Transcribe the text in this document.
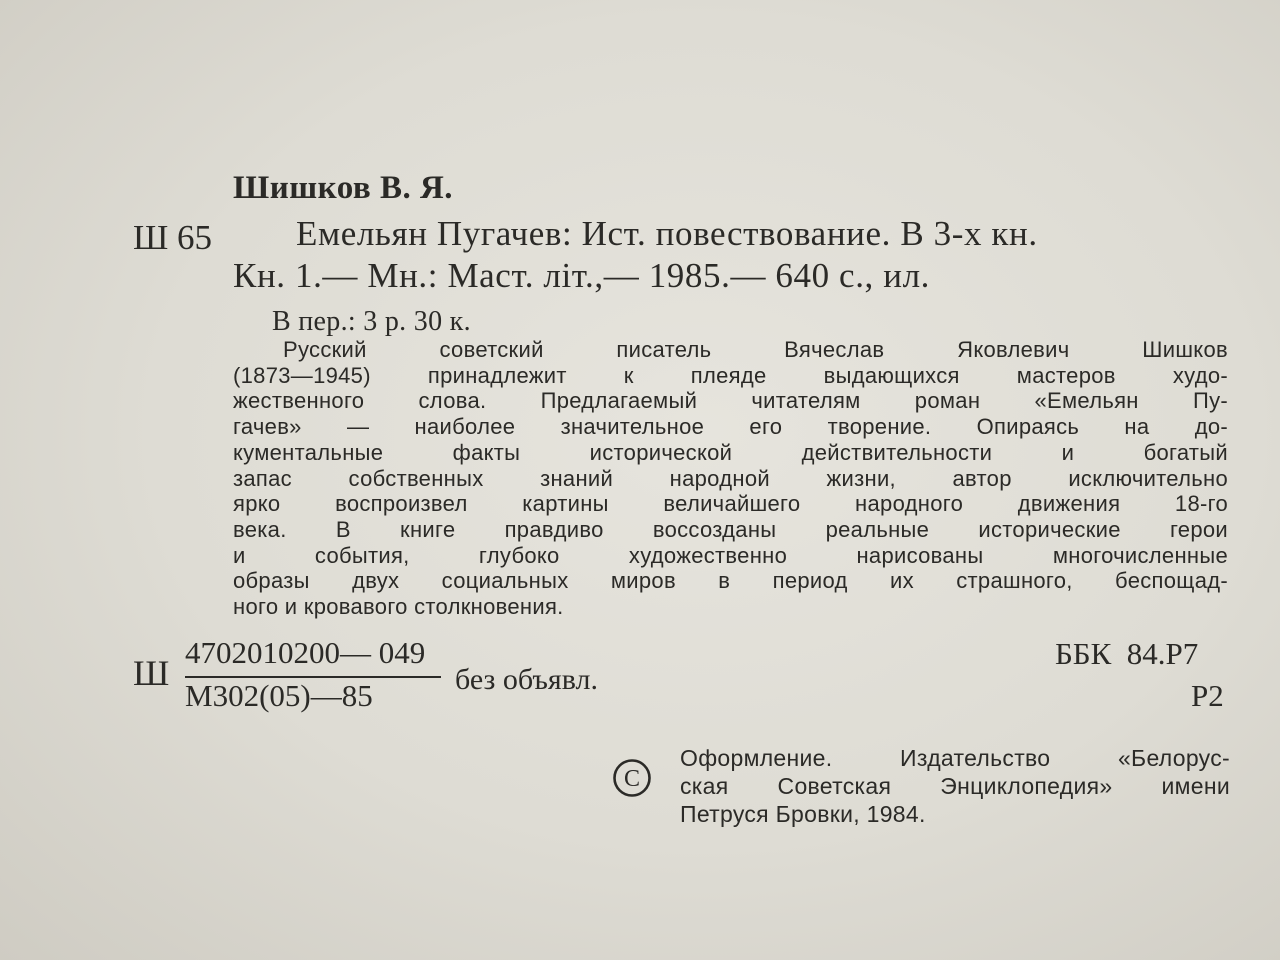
Шишков В. Я.
Ш 65 Емельян Пугачев: Ист. повествование. В 3-х кн.
Кн. 1.— Мн.: Маст. літ.,— 1985.— 640 с., ил.
В пер.: 3 р. 30 к.
Русский советский писатель Вячеслав Яковлевич Шишков
(1873—1945) принадлежит к плеяде выдающихся мастеров худо-
жественного слова. Предлагаемый читателям роман «Емельян Пу-
гачев» — наиболее значительное его творение. Опираясь на до-
кументальные факты исторической действительности и богатый
запас собственных знаний народной жизни, автор исключительно
ярко воспроизвел картины величайшего народного движения 18-го
века. В книге правдиво воссозданы реальные исторические герои
и события, глубоко художественно нарисованы многочисленные
образы двух социальных миров в период их страшного, беспощад-
ного и кровавого столкновения.
Ш
4702010200— 049
М302(05)—85	без объявл.
ББК  84.Р7
Р2
C
Оформление. Издательство «Белорус-
ская Советская Энциклопедия» имени
Петруся Бровки, 1984.
